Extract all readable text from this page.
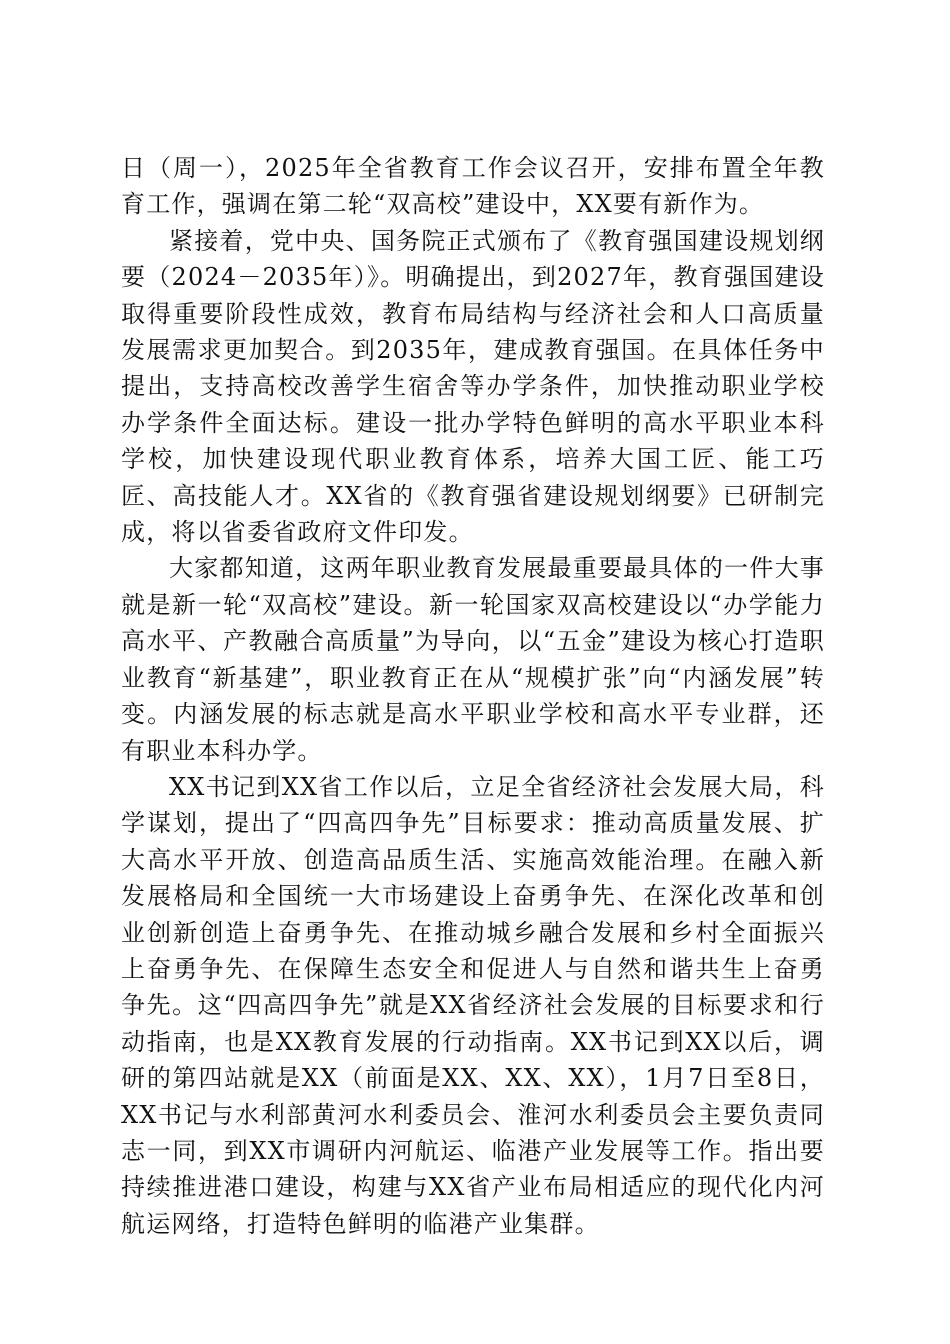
日（周一），2025年全省教育工作会议召开，安排布置全年教育工作，强调在第二轮“双高校”建设中，XX要有新作为。

紧接着，党中央、国务院正式颁布了《教育强国建设规划纲要（2024－2035年）》。明确提出，到2027年，教育强国建设取得重要阶段性成效，教育布局结构与经济社会和人口高质量发展需求更加契合。到2035年，建成教育强国。在具体任务中提出，支持高校改善学生宿舍等办学条件，加快推动职业学校办学条件全面达标。建设一批办学特色鲜明的高水平职业本科学校，加快建设现代职业教育体系，培养大国工匠、能工巧匠、高技能人才。XX省的《教育强省建设规划纲要》已研制完成，将以省委省政府文件印发。

大家都知道，这两年职业教育发展最重要最具体的一件大事就是新一轮“双高校”建设。新一轮国家双高校建设以“办学能力高水平、产教融合高质量”为导向，以“五金”建设为核心打造职业教育“新基建”，职业教育正在从“规模扩张”向“内涵发展”转变。内涵发展的标志就是高水平职业学校和高水平专业群，还有职业本科办学。

XX书记到XX省工作以后，立足全省经济社会发展大局，科学谋划，提出了“四高四争先”目标要求：推动高质量发展、扩大高水平开放、创造高品质生活、实施高效能治理。在融入新发展格局和全国统一大市场建设上奋勇争先、在深化改革和创业创新创造上奋勇争先、在推动城乡融合发展和乡村全面振兴上奋勇争先、在保障生态安全和促进人与自然和谐共生上奋勇争先。这“四高四争先”就是XX省经济社会发展的目标要求和行动指南，也是XX教育发展的行动指南。XX书记到XX以后，调研的第四站就是XX（前面是XX、XX、XX），1月7日至8日，XX书记与水利部黄河水利委员会、淮河水利委员会主要负责同志一同，到XX市调研内河航运、临港产业发展等工作。指出要持续推进港口建设，构建与XX省产业布局相适应的现代化内河航运网络，打造特色鲜明的临港产业集群。
